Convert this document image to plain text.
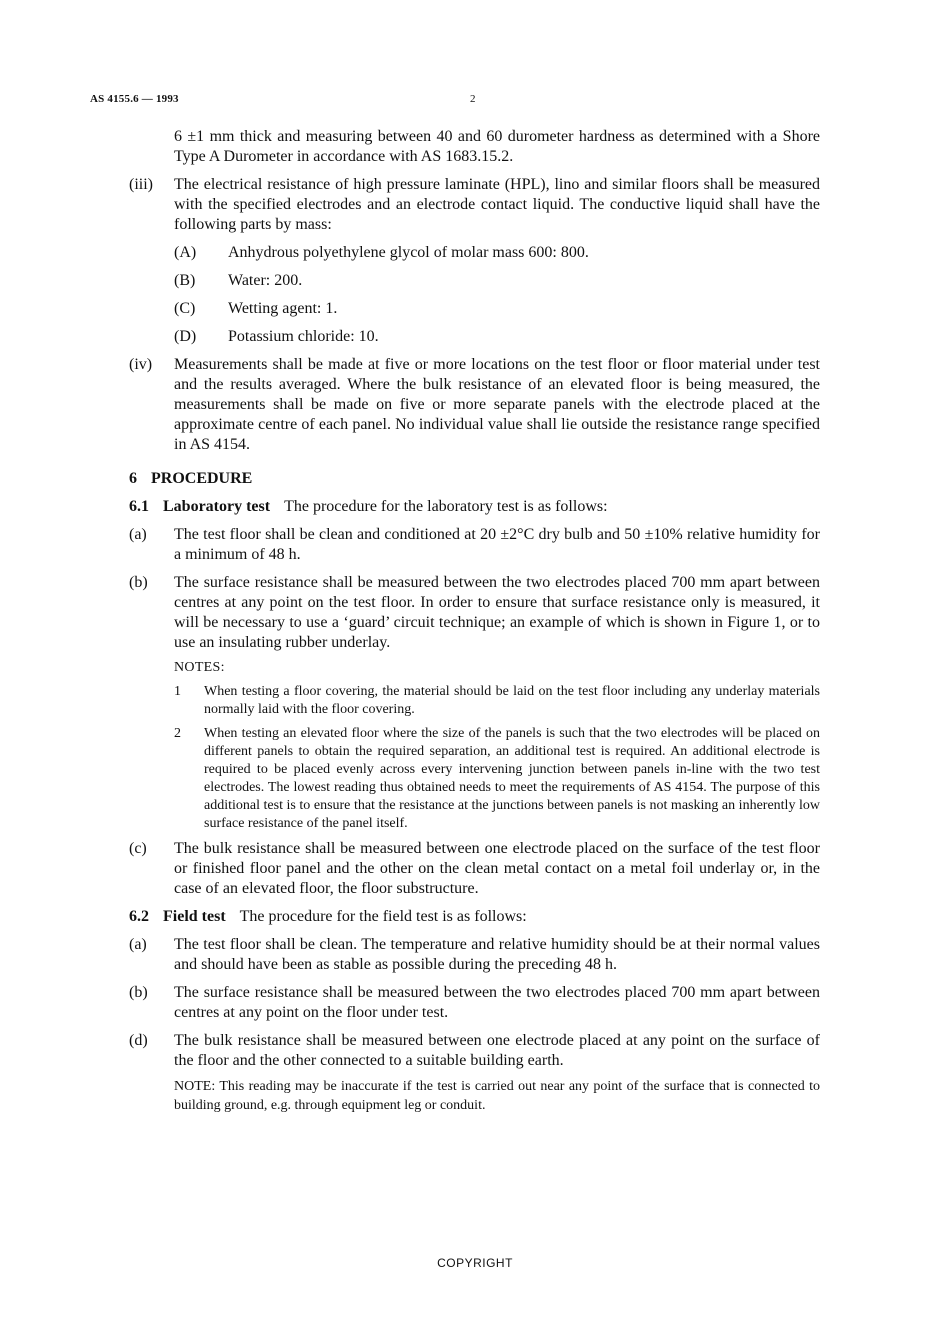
AS 4155.6 — 1993	2
6 ±1 mm thick and measuring between 40 and 60 durometer hardness as determined with a Shore Type A Durometer in accordance with AS 1683.15.2.
(iii) The electrical resistance of high pressure laminate (HPL), lino and similar floors shall be measured with the specified electrodes and an electrode contact liquid. The conductive liquid shall have the following parts by mass:
(A) Anhydrous polyethylene glycol of molar mass 600: 800.
(B) Water: 200.
(C) Wetting agent: 1.
(D) Potassium chloride: 10.
(iv) Measurements shall be made at five or more locations on the test floor or floor material under test and the results averaged. Where the bulk resistance of an elevated floor is being measured, the measurements shall be made on five or more separate panels with the electrode placed at the approximate centre of each panel. No individual value shall lie outside the resistance range specified in AS 4154.
6 PROCEDURE
6.1 Laboratory test The procedure for the laboratory test is as follows:
(a) The test floor shall be clean and conditioned at 20 ±2°C dry bulb and 50 ±10% relative humidity for a minimum of 48 h.
(b) The surface resistance shall be measured between the two electrodes placed 700 mm apart between centres at any point on the test floor. In order to ensure that surface resistance only is measured, it will be necessary to use a ‘guard’ circuit technique; an example of which is shown in Figure 1, or to use an insulating rubber underlay.
NOTES:
1 When testing a floor covering, the material should be laid on the test floor including any underlay materials normally laid with the floor covering.
2 When testing an elevated floor where the size of the panels is such that the two electrodes will be placed on different panels to obtain the required separation, an additional test is required. An additional electrode is required to be placed evenly across every intervening junction between panels in-line with the two test electrodes. The lowest reading thus obtained needs to meet the requirements of AS 4154. The purpose of this additional test is to ensure that the resistance at the junctions between panels is not masking an inherently low surface resistance of the panel itself.
(c) The bulk resistance shall be measured between one electrode placed on the surface of the test floor or finished floor panel and the other on the clean metal contact on a metal foil underlay or, in the case of an elevated floor, the floor substructure.
6.2 Field test The procedure for the field test is as follows:
(a) The test floor shall be clean. The temperature and relative humidity should be at their normal values and should have been as stable as possible during the preceding 48 h.
(b) The surface resistance shall be measured between the two electrodes placed 700 mm apart between centres at any point on the floor under test.
(d) The bulk resistance shall be measured between one electrode placed at any point on the surface of the floor and the other connected to a suitable building earth.
NOTE: This reading may be inaccurate if the test is carried out near any point of the surface that is connected to building ground, e.g. through equipment leg or conduit.
COPYRIGHT
